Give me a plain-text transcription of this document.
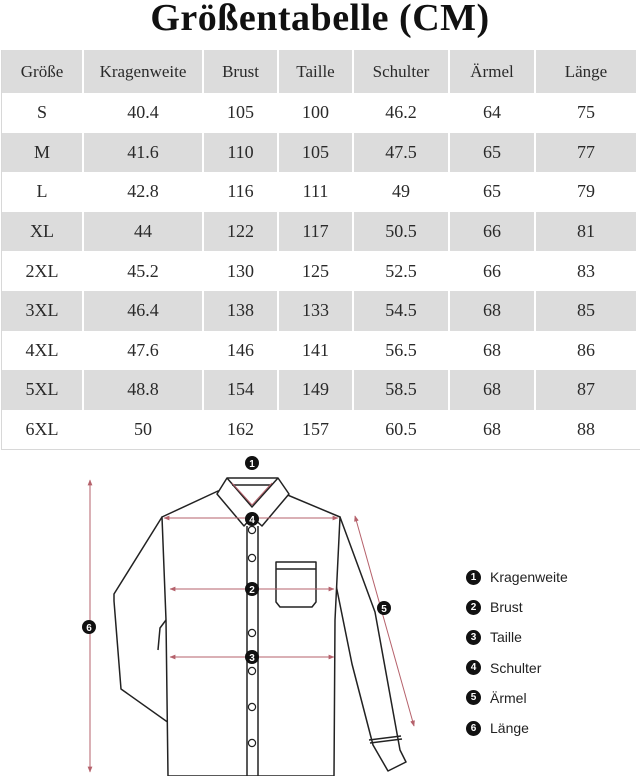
Größentabelle (CM)
Größe	Kragenweite	Brust	Taille	Schulter	Ärmel	Länge
S	40.4	105	100	46.2	64	75
M	41.6	110	105	47.5	65	77
L	42.8	116	111	49	65	79
XL	44	122	117	50.5	66	81
2XL	45.2	130	125	52.5	66	83
3XL	46.4	138	133	54.5	68	85
4XL	47.6	146	141	56.5	68	86
5XL	48.8	154	149	58.5	68	87
6XL	50	162	157	60.5	68	88
1
4
2
3
5
6
1 Kragenweite
2 Brust
3 Taille
4 Schulter
5 Ärmel
6 Länge
